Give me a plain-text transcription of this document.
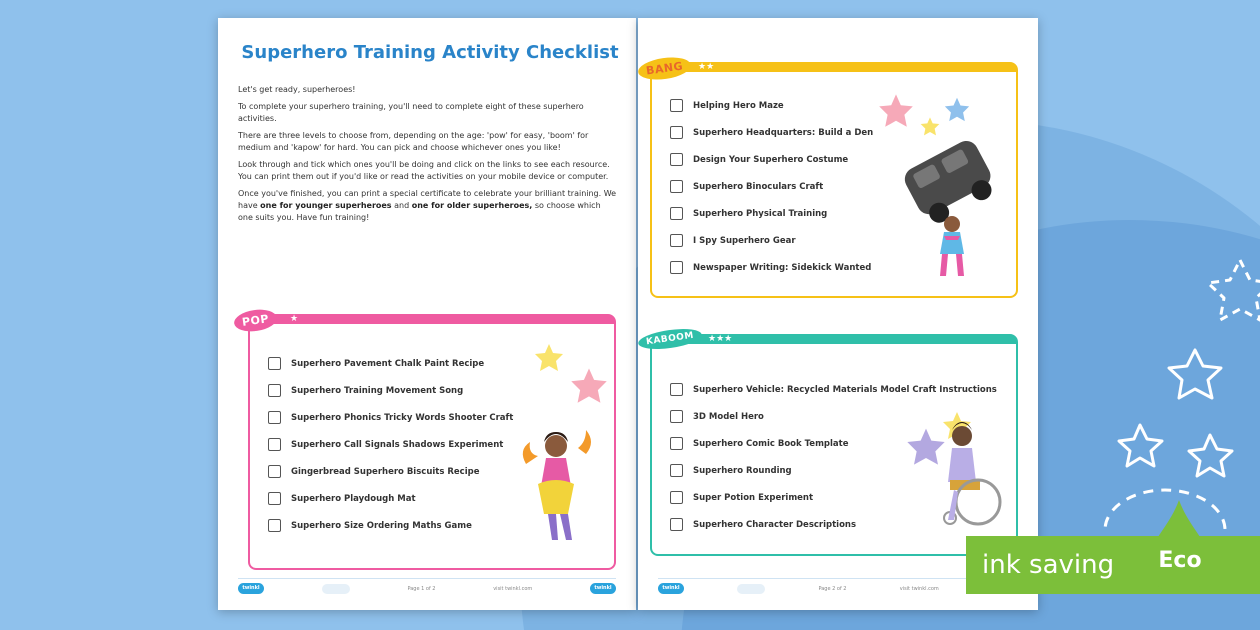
Superhero Training Activity Checklist

Let's get ready, superheroes!

To complete your superhero training, you'll need to complete eight of these superhero activities.

There are three levels to choose from, depending on the age: 'pow' for easy, 'boom' for medium and 'kapow' for hard. You can pick and choose whichever ones you like!

Look through and tick which ones you'll be doing and click on the links to see each resource. You can print them out if you'd like or read the activities on your mobile device or computer.

Once you've finished, you can print a special certificate to celebrate your brilliant training. We have one for younger superheroes and one for older superheroes, so choose which one suits you. Have fun training!

POP	★
Superhero Pavement Chalk Paint Recipe
Superhero Training Movement Song
Superhero Phonics Tricky Words Shooter Craft
Superhero Call Signals Shadows Experiment
Gingerbread Superhero Biscuits Recipe
Superhero Playdough Mat
Superhero Size Ordering Maths Game
twinkl	Page 1 of 2	visit twinkl.com	twinkl
BANG	★★
Helping Hero Maze
Superhero Headquarters: Build a Den
Design Your Superhero Costume
Superhero Binoculars Craft
Superhero Physical Training
I Spy Superhero Gear
Newspaper Writing: Sidekick Wanted
KABOOM	★★★
Superhero Vehicle: Recycled Materials Model Craft Instructions
3D Model Hero
Superhero Comic Book Template
Superhero Rounding
Super Potion Experiment
Superhero Character Descriptions
twinkl	Page 2 of 2	visit twinkl.com
ink saving	Eco
